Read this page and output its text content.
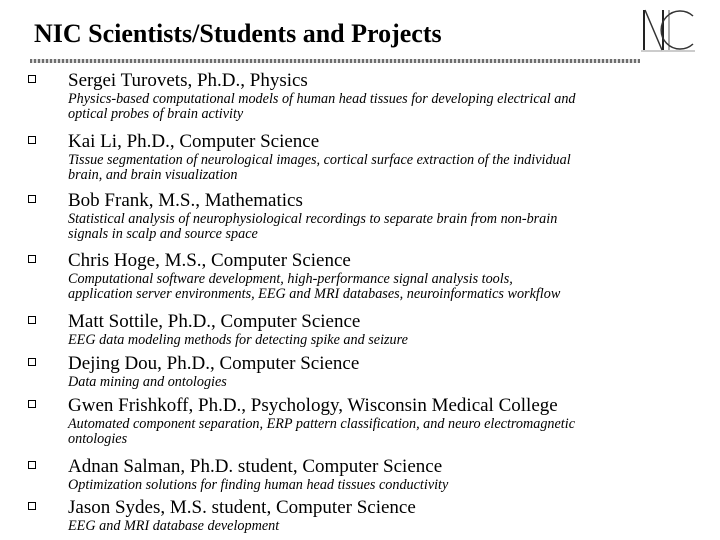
NIC Scientists/Students and Projects
Sergei Turovets, Ph.D., Physics
Physics-based computational models of human head tissues for developing electrical and
optical probes of brain activity
Kai Li, Ph.D., Computer Science
Tissue segmentation of neurological images, cortical surface extraction of the individual
brain, and brain visualization
Bob Frank, M.S., Mathematics
Statistical analysis of neurophysiological recordings to separate brain from non-brain
signals in scalp and source space
Chris Hoge, M.S., Computer Science
Computational software development, high-performance signal analysis tools,
application server environments, EEG and MRI databases, neuroinformatics workflow
Matt Sottile, Ph.D., Computer Science
EEG data modeling methods for detecting spike and seizure
Dejing Dou, Ph.D., Computer Science
Data mining and ontologies
Gwen Frishkoff, Ph.D., Psychology, Wisconsin Medical College
Automated component separation, ERP pattern classification, and neuro electromagnetic
ontologies
Adnan Salman, Ph.D. student, Computer Science
Optimization solutions for finding human head tissues conductivity
Jason Sydes, M.S. student, Computer Science
EEG and MRI database development
